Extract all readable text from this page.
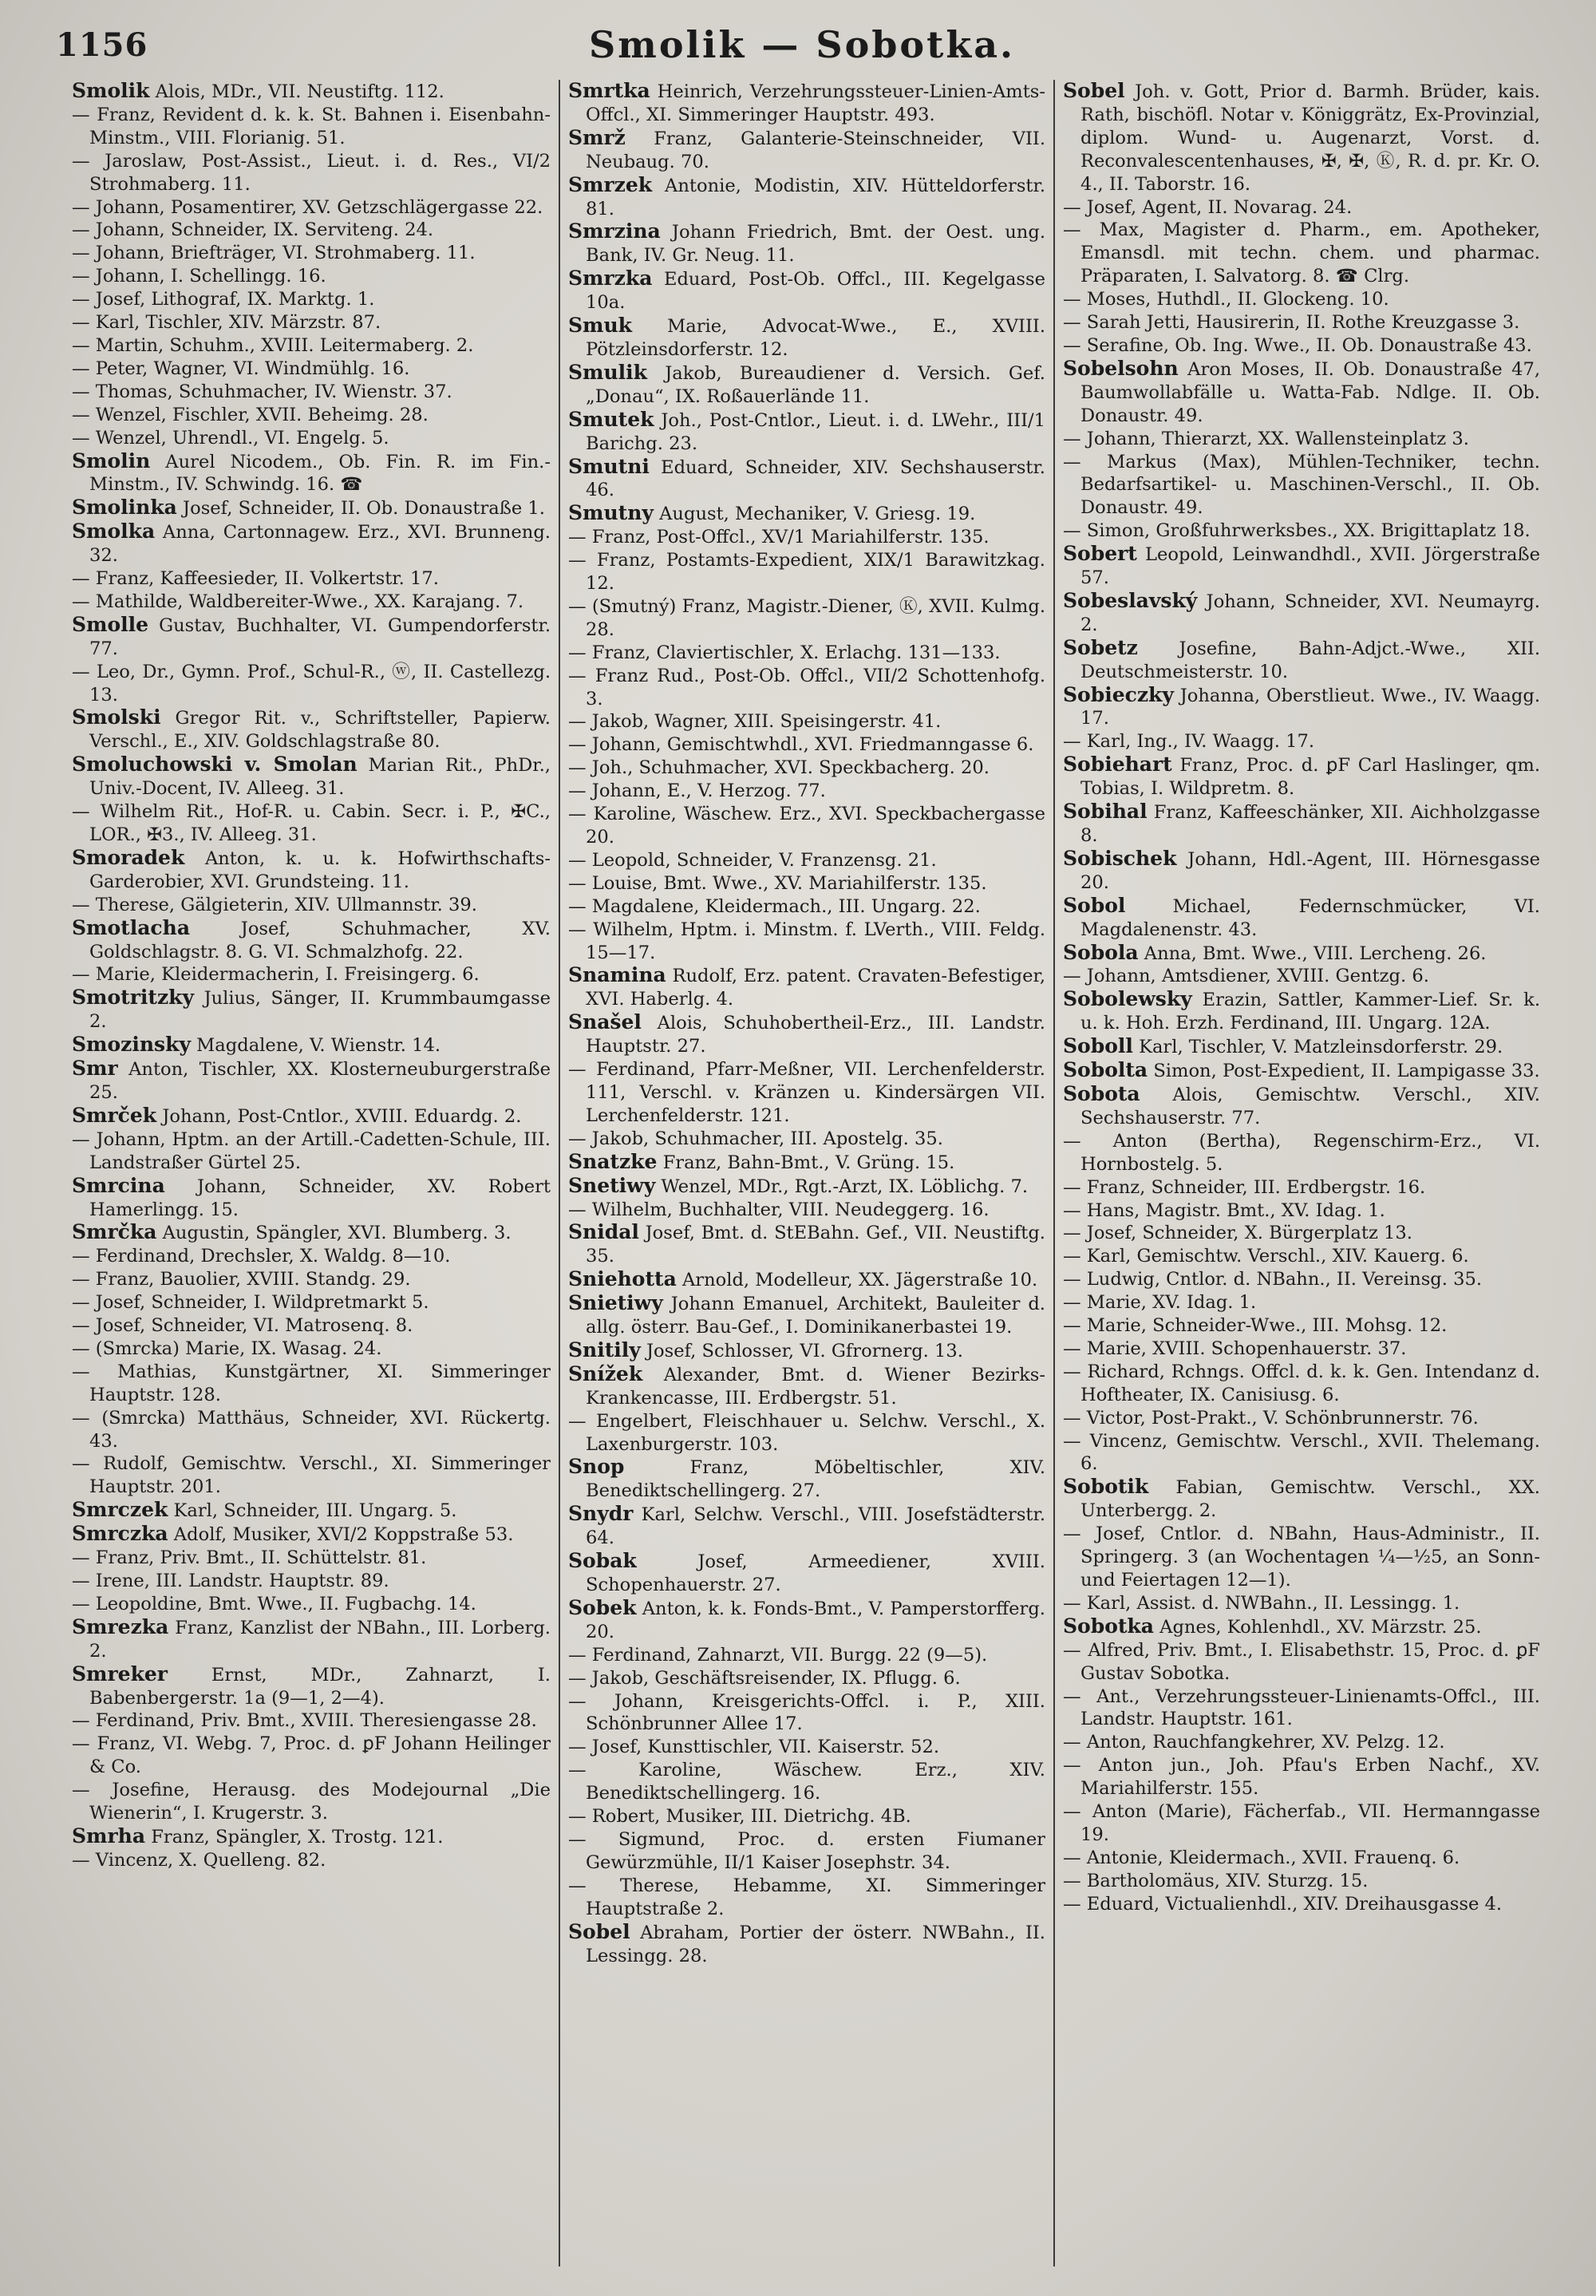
1156	Smolik — Sobotka.
Smolik Alois, MDr., VII. Neustiftg. 112.
— Franz, Revident d. k. k. St. Bahnen i. Eisenbahn-Minstm., VIII. Florianig. 51.
— Jaroslaw, Post-Assist., Lieut. i. d. Res., VI/2 Strohmaberg. 11.
— Johann, Posamentirer, XV. Getzschlägergasse 22.
— Johann, Schneider, IX. Serviteng. 24.
— Johann, Briefträger, VI. Strohmaberg. 11.
— Johann, I. Schellingg. 16.
— Josef, Lithograf, IX. Marktg. 1.
— Karl, Tischler, XIV. Märzstr. 87.
— Martin, Schuhm., XVIII. Leitermaberg. 2.
— Peter, Wagner, VI. Windmühlg. 16.
— Thomas, Schuhmacher, IV. Wienstr. 37.
— Wenzel, Fischler, XVII. Beheimg. 28.
— Wenzel, Uhrendl., VI. Engelg. 5.
Smolin Aurel Nicodem., Ob. Fin. R. im Fin.-Minstm., IV. Schwindg. 16. ☎
Smolinka Josef, Schneider, II. Ob. Donaustraße 1.
Smolka Anna, Cartonnagew. Erz., XVI. Brunneng. 32.
— Franz, Kaffeesieder, II. Volkertstr. 17.
— Mathilde, Waldbereiter-Wwe., XX. Karajang. 7.
Smolle Gustav, Buchhalter, VI. Gumpendorferstr. 77.
— Leo, Dr., Gymn. Prof., Schul-R., ⓦ, II. Castellezg. 13.
Smolski Gregor Rit. v., Schriftsteller, Papierw. Verschl., E., XIV. Goldschlagstraße 80.
Smoluchowski v. Smolan Marian Rit., PhDr., Univ.-Docent, IV. Alleeg. 31.
— Wilhelm Rit., Hof-R. u. Cabin. Secr. i. P., ✠C., LOR., ✠3., IV. Alleeg. 31.
Smoradek Anton, k. u. k. Hofwirthschafts-Garderobier, XVI. Grundsteing. 11.
— Therese, Gälgieterin, XIV. Ullmannstr. 39.
Smotlacha Josef, Schuhmacher, XV. Goldschlagstr. 8. G. VI. Schmalzhofg. 22.
— Marie, Kleidermacherin, I. Freisingerg. 6.
Smotritzky Julius, Sänger, II. Krummbaumgasse 2.
Smozinsky Magdalene, V. Wienstr. 14.
Smr Anton, Tischler, XX. Klosterneuburgerstraße 25.
Smrček Johann, Post-Cntlor., XVIII. Eduardg. 2.
— Johann, Hptm. an der Artill.-Cadetten-Schule, III. Landstraßer Gürtel 25.
Smrcina Johann, Schneider, XV. Robert Hamerlingg. 15.
Smrčka Augustin, Spängler, XVI. Blumberg. 3.
— Ferdinand, Drechsler, X. Waldg. 8—10.
— Franz, Bauolier, XVIII. Standg. 29.
— Josef, Schneider, I. Wildpretmarkt 5.
— Josef, Schneider, VI. Matrosenq. 8.
— (Smrcka) Marie, IX. Wasag. 24.
— Mathias, Kunstgärtner, XI. Simmeringer Hauptstr. 128.
— (Smrcka) Matthäus, Schneider, XVI. Rückertg. 43.
— Rudolf, Gemischtw. Verschl., XI. Simmeringer Hauptstr. 201.
Smrczek Karl, Schneider, III. Ungarg. 5.
Smrczka Adolf, Musiker, XVI/2 Koppstraße 53.
— Franz, Priv. Bmt., II. Schüttelstr. 81.
— Irene, III. Landstr. Hauptstr. 89.
— Leopoldine, Bmt. Wwe., II. Fugbachg. 14.
Smrezka Franz, Kanzlist der NBahn., III. Lorberg. 2.
Smreker Ernst, MDr., Zahnarzt, I. Babenbergerstr. 1a (9—1, 2—4).
— Ferdinand, Priv. Bmt., XVIII. Theresiengasse 28.
— Franz, VI. Webg. 7, Proc. d. ꝑF Johann Heilinger & Co.
— Josefine, Herausg. des Modejournal „Die Wienerin“, I. Krugerstr. 3.
Smrha Franz, Spängler, X. Trostg. 121.
— Vincenz, X. Quelleng. 82.
Smrtka Heinrich, Verzehrungssteuer-Linien-Amts-Offcl., XI. Simmeringer Hauptstr. 493.
Smrž Franz, Galanterie-Steinschneider, VII. Neubaug. 70.
Smrzek Antonie, Modistin, XIV. Hütteldorferstr. 81.
Smrzina Johann Friedrich, Bmt. der Oest. ung. Bank, IV. Gr. Neug. 11.
Smrzka Eduard, Post-Ob. Offcl., III. Kegelgasse 10a.
Smuk Marie, Advocat-Wwe., E., XVIII. Pötzleinsdorferstr. 12.
Smulik Jakob, Bureaudiener d. Versich. Gef. „Donau“, IX. Roßauerlände 11.
Smutek Joh., Post-Cntlor., Lieut. i. d. LWehr., III/1 Barichg. 23.
Smutni Eduard, Schneider, XIV. Sechshauserstr. 46.
Smutny August, Mechaniker, V. Griesg. 19.
— Franz, Post-Offcl., XV/1 Mariahilferstr. 135.
— Franz, Postamts-Expedient, XIX/1 Barawitzkag. 12.
— (Smutný) Franz, Magistr.-Diener, Ⓚ, XVII. Kulmg. 28.
— Franz, Claviertischler, X. Erlachg. 131—133.
— Franz Rud., Post-Ob. Offcl., VII/2 Schottenhofg. 3.
— Jakob, Wagner, XIII. Speisingerstr. 41.
— Johann, Gemischtwhdl., XVI. Friedmanngasse 6.
— Joh., Schuhmacher, XVI. Speckbacherg. 20.
— Johann, E., V. Herzog. 77.
— Karoline, Wäschew. Erz., XVI. Speckbachergasse 20.
— Leopold, Schneider, V. Franzensg. 21.
— Louise, Bmt. Wwe., XV. Mariahilferstr. 135.
— Magdalene, Kleidermach., III. Ungarg. 22.
— Wilhelm, Hptm. i. Minstm. f. LVerth., VIII. Feldg. 15—17.
Snamina Rudolf, Erz. patent. Cravaten-Befestiger, XVI. Haberlg. 4.
Snašel Alois, Schuhobertheil-Erz., III. Landstr. Hauptstr. 27.
— Ferdinand, Pfarr-Meßner, VII. Lerchenfelderstr. 111, Verschl. v. Kränzen u. Kindersärgen VII. Lerchenfelderstr. 121.
— Jakob, Schuhmacher, III. Apostelg. 35.
Snatzke Franz, Bahn-Bmt., V. Grüng. 15.
Snetiwy Wenzel, MDr., Rgt.-Arzt, IX. Löblichg. 7.
— Wilhelm, Buchhalter, VIII. Neudeggerg. 16.
Snidal Josef, Bmt. d. StEBahn. Gef., VII. Neustiftg. 35.
Sniehotta Arnold, Modelleur, XX. Jägerstraße 10.
Snietiwy Johann Emanuel, Architekt, Bauleiter d. allg. österr. Bau-Gef., I. Dominikanerbastei 19.
Snitily Josef, Schlosser, VI. Gfrornerg. 13.
Snížek Alexander, Bmt. d. Wiener Bezirks-Krankencasse, III. Erdbergstr. 51.
— Engelbert, Fleischhauer u. Selchw. Verschl., X. Laxenburgerstr. 103.
Snop Franz, Möbeltischler, XIV. Benediktschellingerg. 27.
Snydr Karl, Selchw. Verschl., VIII. Josefstädterstr. 64.
Sobak Josef, Armeediener, XVIII. Schopenhauerstr. 27.
Sobek Anton, k. k. Fonds-Bmt., V. Pamperstorfferg. 20.
— Ferdinand, Zahnarzt, VII. Burgg. 22 (9—5).
— Jakob, Geschäftsreisender, IX. Pflugg. 6.
— Johann, Kreisgerichts-Offcl. i. P., XIII. Schönbrunner Allee 17.
— Josef, Kunsttischler, VII. Kaiserstr. 52.
— Karoline, Wäschew. Erz., XIV. Benediktschellingerg. 16.
— Robert, Musiker, III. Dietrichg. 4B.
— Sigmund, Proc. d. ersten Fiumaner Gewürzmühle, II/1 Kaiser Josephstr. 34.
— Therese, Hebamme, XI. Simmeringer Hauptstraße 2.
Sobel Abraham, Portier der österr. NWBahn., II. Lessingg. 28.
Sobel Joh. v. Gott, Prior d. Barmh. Brüder, kais. Rath, bischöfl. Notar v. Königgrätz, Ex-Provinzial, diplom. Wund- u. Augenarzt, Vorst. d. Reconvalescentenhauses, ✠, ✠, Ⓚ, R. d. pr. Kr. O. 4., II. Taborstr. 16.
— Josef, Agent, II. Novarag. 24.
— Max, Magister d. Pharm., em. Apotheker, Emansdl. mit techn. chem. und pharmac. Präparaten, I. Salvatorg. 8. ☎ Clrg.
— Moses, Huthdl., II. Glockeng. 10.
— Sarah Jetti, Hausirerin, II. Rothe Kreuzgasse 3.
— Serafine, Ob. Ing. Wwe., II. Ob. Donaustraße 43.
Sobelsohn Aron Moses, II. Ob. Donaustraße 47, Baumwollabfälle u. Watta-Fab. Ndlge. II. Ob. Donaustr. 49.
— Johann, Thierarzt, XX. Wallensteinplatz 3.
— Markus (Max), Mühlen-Techniker, techn. Bedarfsartikel- u. Maschinen-Verschl., II. Ob. Donaustr. 49.
— Simon, Großfuhrwerksbes., XX. Brigittaplatz 18.
Sobert Leopold, Leinwandhdl., XVII. Jörgerstraße 57.
Sobeslavský Johann, Schneider, XVI. Neumayrg. 2.
Sobetz Josefine, Bahn-Adjct.-Wwe., XII. Deutschmeisterstr. 10.
Sobieczky Johanna, Oberstlieut. Wwe., IV. Waagg. 17.
— Karl, Ing., IV. Waagg. 17.
Sobiehart Franz, Proc. d. ꝑF Carl Haslinger, qm. Tobias, I. Wildpretm. 8.
Sobihal Franz, Kaffeeschänker, XII. Aichholzgasse 8.
Sobischek Johann, Hdl.-Agent, III. Hörnesgasse 20.
Sobol Michael, Federnschmücker, VI. Magdalenenstr. 43.
Sobola Anna, Bmt. Wwe., VIII. Lercheng. 26.
— Johann, Amtsdiener, XVIII. Gentzg. 6.
Sobolewsky Erazin, Sattler, Kammer-Lief. Sr. k. u. k. Hoh. Erzh. Ferdinand, III. Ungarg. 12A.
Soboll Karl, Tischler, V. Matzleinsdorferstr. 29.
Sobolta Simon, Post-Expedient, II. Lampigasse 33.
Sobota Alois, Gemischtw. Verschl., XIV. Sechshauserstr. 77.
— Anton (Bertha), Regenschirm-Erz., VI. Hornbostelg. 5.
— Franz, Schneider, III. Erdbergstr. 16.
— Hans, Magistr. Bmt., XV. Idag. 1.
— Josef, Schneider, X. Bürgerplatz 13.
— Karl, Gemischtw. Verschl., XIV. Kauerg. 6.
— Ludwig, Cntlor. d. NBahn., II. Vereinsg. 35.
— Marie, XV. Idag. 1.
— Marie, Schneider-Wwe., III. Mohsg. 12.
— Marie, XVIII. Schopenhauerstr. 37.
— Richard, Rchngs. Offcl. d. k. k. Gen. Intendanz d. Hoftheater, IX. Canisiusg. 6.
— Victor, Post-Prakt., V. Schönbrunnerstr. 76.
— Vincenz, Gemischtw. Verschl., XVII. Thelemang. 6.
Sobotik Fabian, Gemischtw. Verschl., XX. Unterbergg. 2.
— Josef, Cntlor. d. NBahn, Haus-Administr., II. Springerg. 3 (an Wochentagen ¼—½5, an Sonn- und Feiertagen 12—1).
— Karl, Assist. d. NWBahn., II. Lessingg. 1.
Sobotka Agnes, Kohlenhdl., XV. Märzstr. 25.
— Alfred, Priv. Bmt., I. Elisabethstr. 15, Proc. d. ꝑF Gustav Sobotka.
— Ant., Verzehrungssteuer-Linienamts-Offcl., III. Landstr. Hauptstr. 161.
— Anton, Rauchfangkehrer, XV. Pelzg. 12.
— Anton jun., Joh. Pfau's Erben Nachf., XV. Mariahilferstr. 155.
— Anton (Marie), Fächerfab., VII. Hermanngasse 19.
— Antonie, Kleidermach., XVII. Frauenq. 6.
— Bartholomäus, XIV. Sturzg. 15.
— Eduard, Victualienhdl., XIV. Dreihausgasse 4.
